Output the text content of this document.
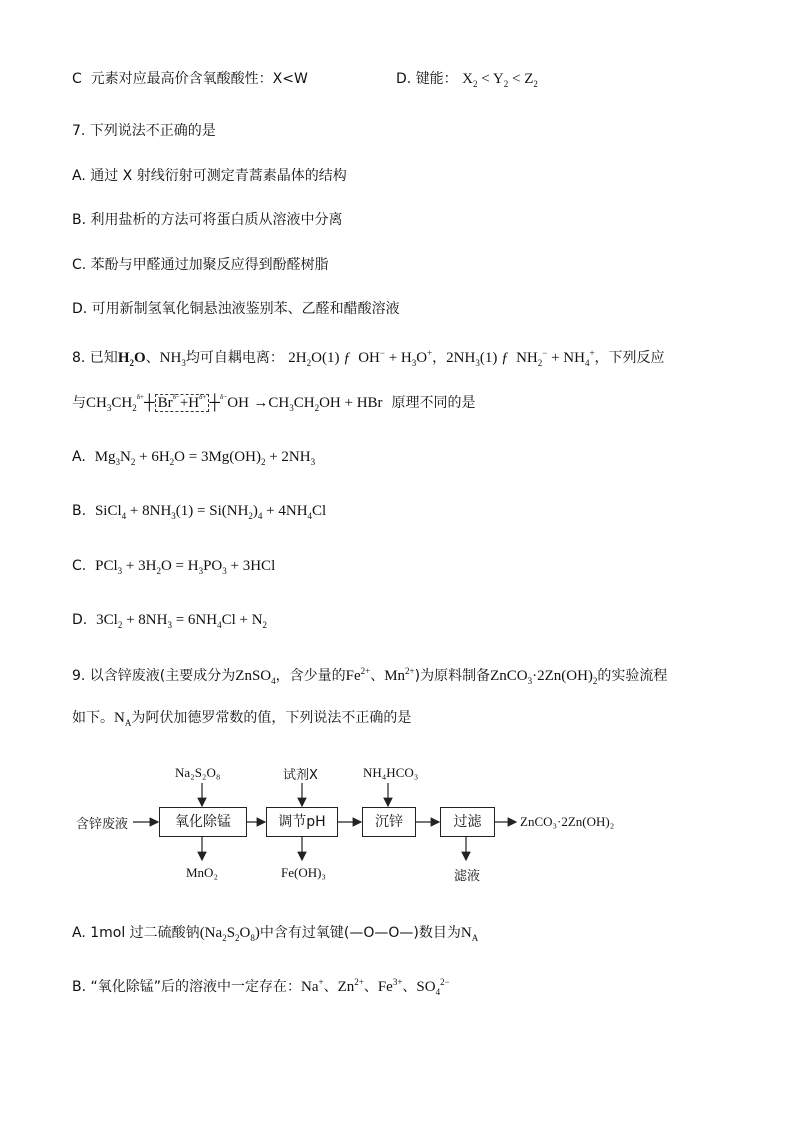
C 元素对应最高价含氧酸酸性：X<W	D. 键能： $X_2 < Y_2 < Z_2$
7. 下列说法不正确的是
A. 通过 X 射线衍射可测定青蒿素晶体的结构
B. 利用盐析的方法可将蛋白质从溶液中分离
C. 苯酚与甲醛通过加聚反应得到酚醛树脂
D. 可用新制氢氧化铜悬浊液鉴别苯、乙醛和醋酸溶液
8. 已知$H_2O$、$NH_3$均可自耦电离： $2H_2O(1)$ ƒ  $OH^- + H_3O^+$，$2NH_3(1)$ ƒ  $NH_2^- + NH_4^+$，下列反应
与$CH_3CH_2^{\delta+}┼$ $Br^{\delta-}+H^{\delta+}$ ┼$^{\delta-}$OH $\to CH_3CH_2OH$ + HBr 原理不同的是
A. $Mg_3N_2 + 6H_2O = 3Mg(OH)_2 + 2NH_3$
B. SiCl$_4$ + $8NH_3(1) = Si(NH_2)_4 + 4NH_4Cl$
C. $PCl_3 + 3H_2O = H_3PO_3 + 3HCl$
D. $3Cl_2 + 8NH_3 = 6NH_4Cl + N_2$
9. 以含锌废液(主要成分为ZnSO$_4$，含少量的$Fe^{2+}$、$Mn^{2+}$)为原料制备$ZnCO_3\cdot 2Zn(OH)_2$的实验流程
如下。$N_A$为阿伏加德罗常数的值，下列说法不正确的是
含锌废液	氧化除锰	调节pH	沉锌	过滤	ZnCO₃·2Zn(OH)₂
Na₂S₂O₈	试剂X	NH₄HCO₃
MnO₂	Fe(OH)₃	滤液
A. 1mol 过二硫酸钠$(Na_2S_2O_8)$中含有过氧键(—O—O—)数目为$N_A$
B. “氧化除锰”后的溶液中一定存在：Na+、$Zn^{2+}$、$Fe^{3+}$、$SO_4^{2-}$
